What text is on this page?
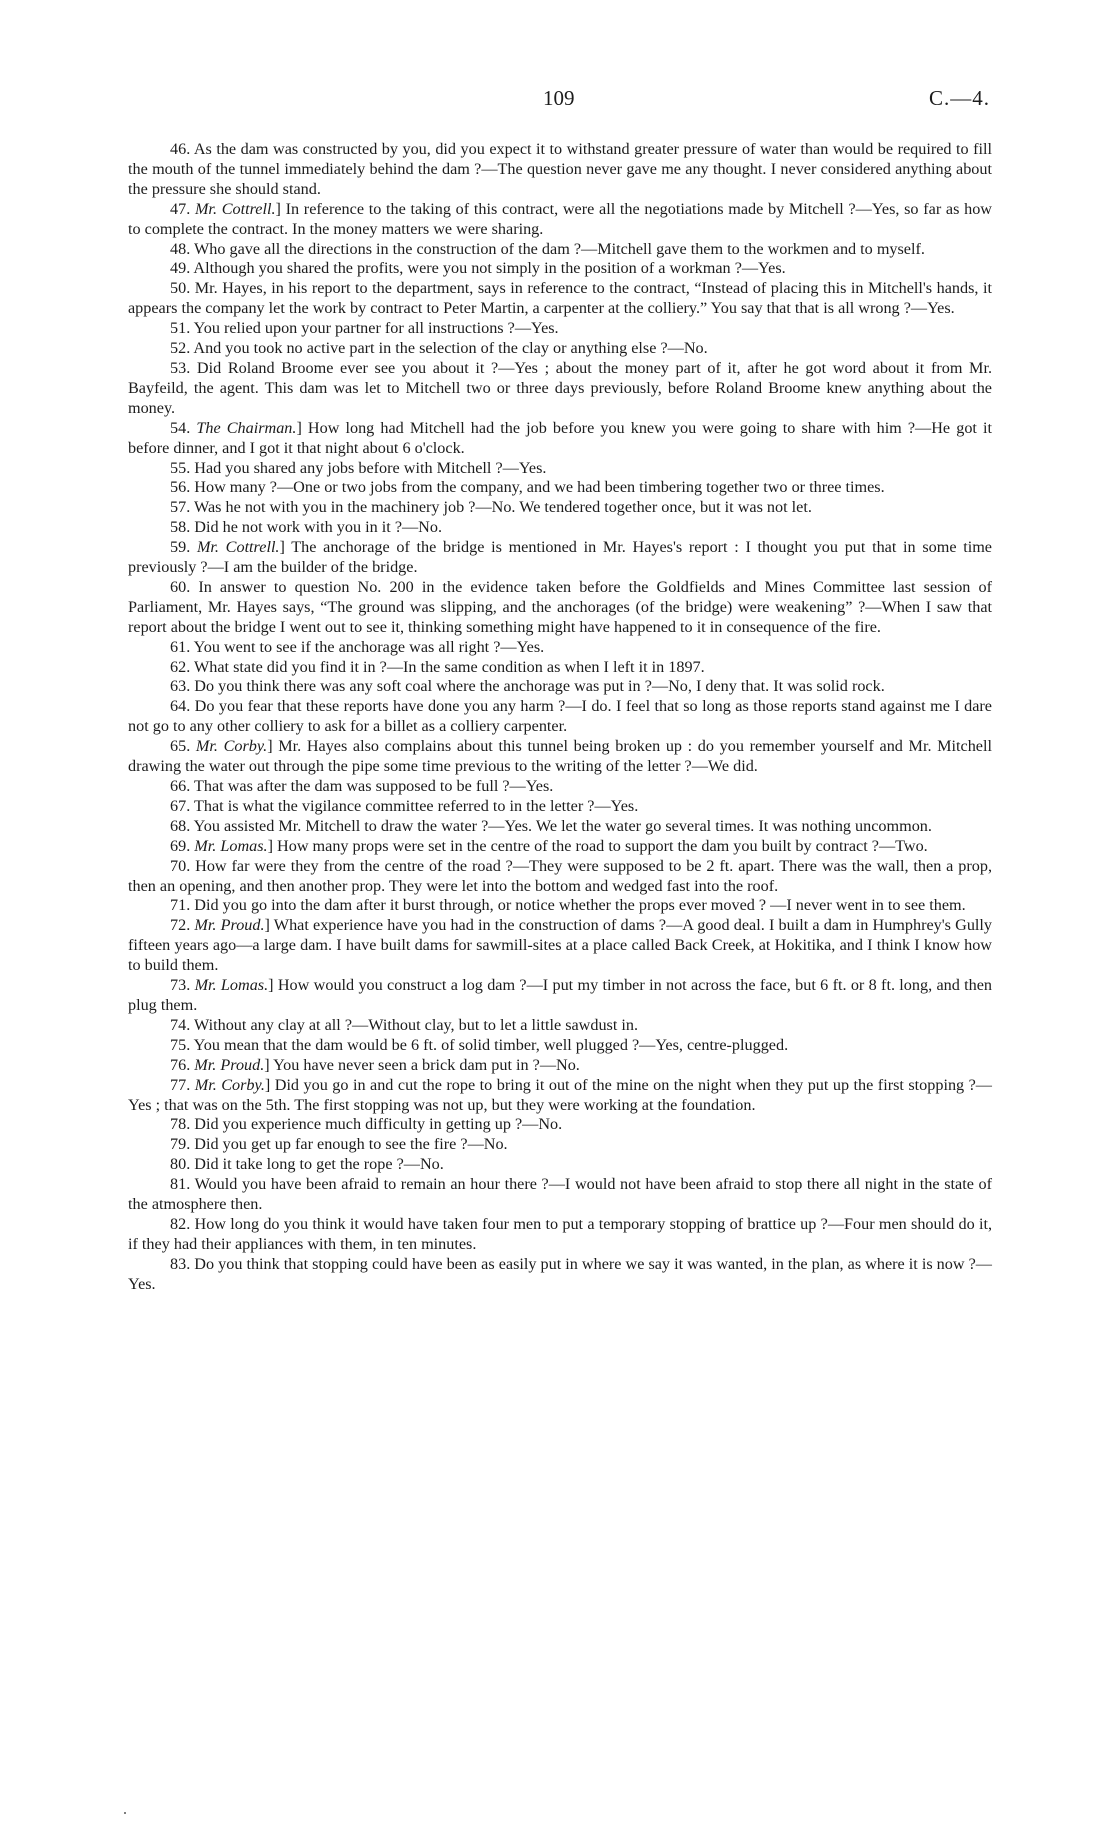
109	C.—4.

46. As the dam was constructed by you, did you expect it to withstand greater pressure of water than would be required to fill the mouth of the tunnel immediately behind the dam ?—The question never gave me any thought. I never considered anything about the pressure she should stand.

47. Mr. Cottrell.] In reference to the taking of this contract, were all the negotiations made by Mitchell ?—Yes, so far as how to complete the contract. In the money matters we were sharing.

48. Who gave all the directions in the construction of the dam ?—Mitchell gave them to the workmen and to myself.

49. Although you shared the profits, were you not simply in the position of a workman ?—Yes.

50. Mr. Hayes, in his report to the department, says in reference to the contract, “Instead of placing this in Mitchell's hands, it appears the company let the work by contract to Peter Martin, a carpenter at the colliery.” You say that that is all wrong ?—Yes.

51. You relied upon your partner for all instructions ?—Yes.

52. And you took no active part in the selection of the clay or anything else ?—No.

53. Did Roland Broome ever see you about it ?—Yes ; about the money part of it, after he got word about it from Mr. Bayfeild, the agent. This dam was let to Mitchell two or three days previously, before Roland Broome knew anything about the money.

54. The Chairman.] How long had Mitchell had the job before you knew you were going to share with him ?—He got it before dinner, and I got it that night about 6 o'clock.

55. Had you shared any jobs before with Mitchell ?—Yes.

56. How many ?—One or two jobs from the company, and we had been timbering together two or three times.

57. Was he not with you in the machinery job ?—No. We tendered together once, but it was not let.

58. Did he not work with you in it ?—No.

59. Mr. Cottrell.] The anchorage of the bridge is mentioned in Mr. Hayes's report : I thought you put that in some time previously ?—I am the builder of the bridge.

60. In answer to question No. 200 in the evidence taken before the Goldfields and Mines Committee last session of Parliament, Mr. Hayes says, “The ground was slipping, and the anchorages (of the bridge) were weakening” ?—When I saw that report about the bridge I went out to see it, thinking something might have happened to it in consequence of the fire.

61. You went to see if the anchorage was all right ?—Yes.

62. What state did you find it in ?—In the same condition as when I left it in 1897.

63. Do you think there was any soft coal where the anchorage was put in ?—No, I deny that. It was solid rock.

64. Do you fear that these reports have done you any harm ?—I do. I feel that so long as those reports stand against me I dare not go to any other colliery to ask for a billet as a colliery carpenter.

65. Mr. Corby.] Mr. Hayes also complains about this tunnel being broken up : do you remember yourself and Mr. Mitchell drawing the water out through the pipe some time previous to the writing of the letter ?—We did.

66. That was after the dam was supposed to be full ?—Yes.

67. That is what the vigilance committee referred to in the letter ?—Yes.

68. You assisted Mr. Mitchell to draw the water ?—Yes. We let the water go several times. It was nothing uncommon.

69. Mr. Lomas.] How many props were set in the centre of the road to support the dam you built by contract ?—Two.

70. How far were they from the centre of the road ?—They were supposed to be 2 ft. apart. There was the wall, then a prop, then an opening, and then another prop. They were let into the bottom and wedged fast into the roof.

71. Did you go into the dam after it burst through, or notice whether the props ever moved ? —I never went in to see them.

72. Mr. Proud.] What experience have you had in the construction of dams ?—A good deal. I built a dam in Humphrey's Gully fifteen years ago—a large dam. I have built dams for sawmill-sites at a place called Back Creek, at Hokitika, and I think I know how to build them.

73. Mr. Lomas.] How would you construct a log dam ?—I put my timber in not across the face, but 6 ft. or 8 ft. long, and then plug them.

74. Without any clay at all ?—Without clay, but to let a little sawdust in.

75. You mean that the dam would be 6 ft. of solid timber, well plugged ?—Yes, centre-plugged.

76. Mr. Proud.] You have never seen a brick dam put in ?—No.

77. Mr. Corby.] Did you go in and cut the rope to bring it out of the mine on the night when they put up the first stopping ?—Yes ; that was on the 5th. The first stopping was not up, but they were working at the foundation.

78. Did you experience much difficulty in getting up ?—No.

79. Did you get up far enough to see the fire ?—No.

80. Did it take long to get the rope ?—No.

81. Would you have been afraid to remain an hour there ?—I would not have been afraid to stop there all night in the state of the atmosphere then.

82. How long do you think it would have taken four men to put a temporary stopping of brattice up ?—Four men should do it, if they had their appliances with them, in ten minutes.

83. Do you think that stopping could have been as easily put in where we say it was wanted, in the plan, as where it is now ?—Yes.
